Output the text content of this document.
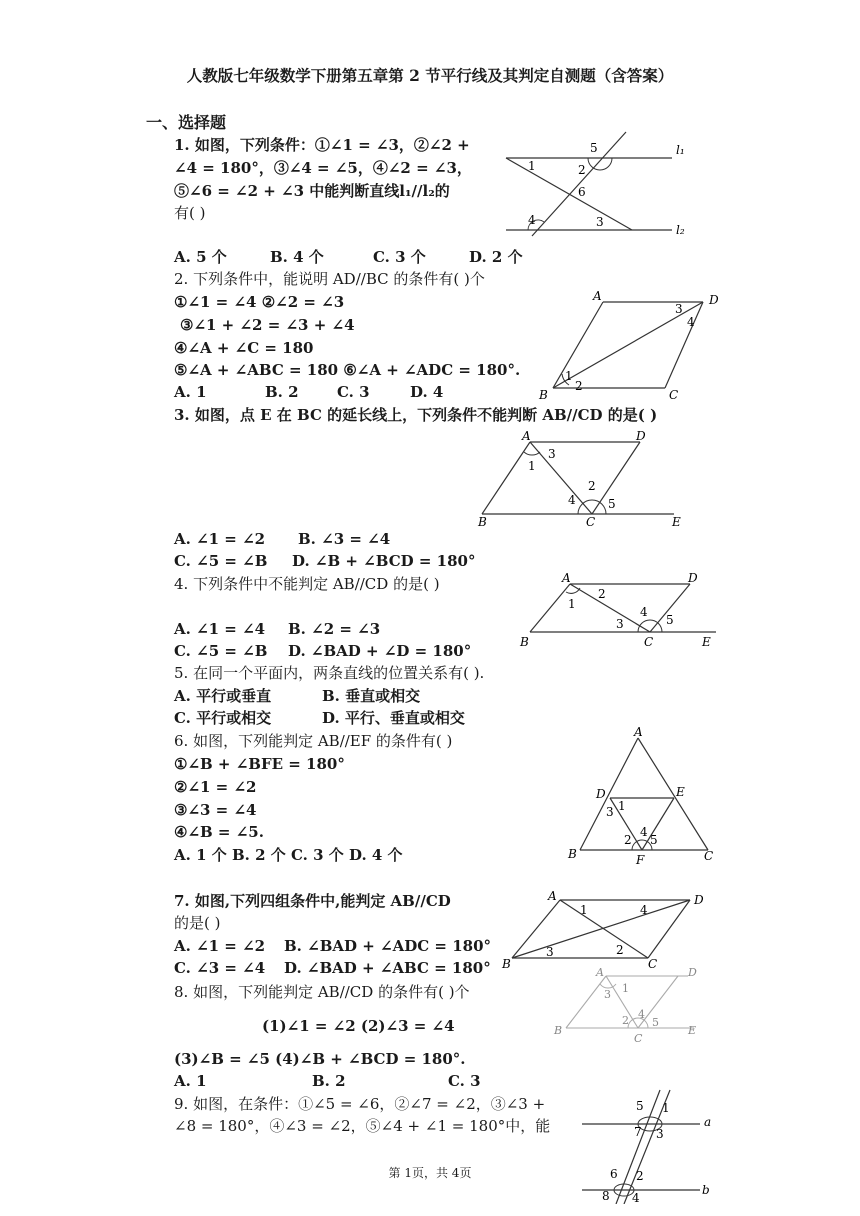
人教版七年级数学下册第五章第 2 节平行线及其判定自测题（含答案）
一、选择题
1. 如图，下列条件：①∠1 = ∠3，②∠2 +
∠4 = 180°，③∠4 = ∠5，④∠2 = ∠3，
⑤∠6 = ∠2 + ∠3 中能判断直线l₁//l₂的
有( )
A. 5 个	B. 4 个	C. 3 个	D. 2 个
5	l₁
1	2
6
4	3
l₂
2. 下列条件中，能说明 AD//BC 的条件有( )个
①∠1 = ∠4 ②∠2 = ∠3
③∠1 + ∠2 = ∠3 + ∠4
④∠A + ∠C = 180
⑤∠A + ∠ABC = 180 ⑥∠A + ∠ADC = 180°.
A. 1	B. 2	C. 3	D. 4
A	D
3
4
1
2
B	C
3. 如图，点 E 在 BC 的延长线上，下列条件不能判断 AB//CD 的是( )
A. ∠1 = ∠2 B. ∠3 = ∠4
C. ∠5 = ∠B D. ∠B + ∠BCD = 180°
A	D
3
1
2
4	5
B	C	E
4. 下列条件中不能判定 AB//CD 的是( )
A. ∠1 = ∠4 B. ∠2 = ∠3
C. ∠5 = ∠B D. ∠BAD + ∠D = 180°
A	D
2
1
4
5
3
B	C	E
5. 在同一个平面内，两条直线的位置关系有( ).
A. 平行或垂直	B. 垂直或相交
C. 平行或相交	D. 平行、垂直或相交
6. 如图，下列能判定 AB//EF 的条件有( )
①∠B + ∠BFE = 180°
②∠1 = ∠2
③∠3 = ∠4
④∠B = ∠5.
A. 1 个 B. 2 个 C. 3 个 D. 4 个
A
D	E
1
3
2
4
5
B	F	C
7. 如图,下列四组条件中,能判定 AB//CD
的是( )
A. ∠1 = ∠2 B. ∠BAD + ∠ADC = 180°
C. ∠3 = ∠4 D. ∠BAD + ∠ABC = 180°
A
1	4
D
2
3
B	C
8. 如图，下列能判定 AB//CD 的条件有( )个
(1)∠1 = ∠2 (2)∠3 = ∠4
(3)∠B = ∠5 (4)∠B + ∠BCD = 180°.
A. 1	B. 2	C. 3
A	D
1
3
2 4
5
B
C
E
9. 如图，在条件：①∠5 = ∠6，②∠7 = ∠2，③∠3 +
∠8 = 180°，④∠3 = ∠2，⑤∠4 + ∠1 = 180°中，能
5 1
7 3
a
6 2
8 4
b
第 1页，共 4页
